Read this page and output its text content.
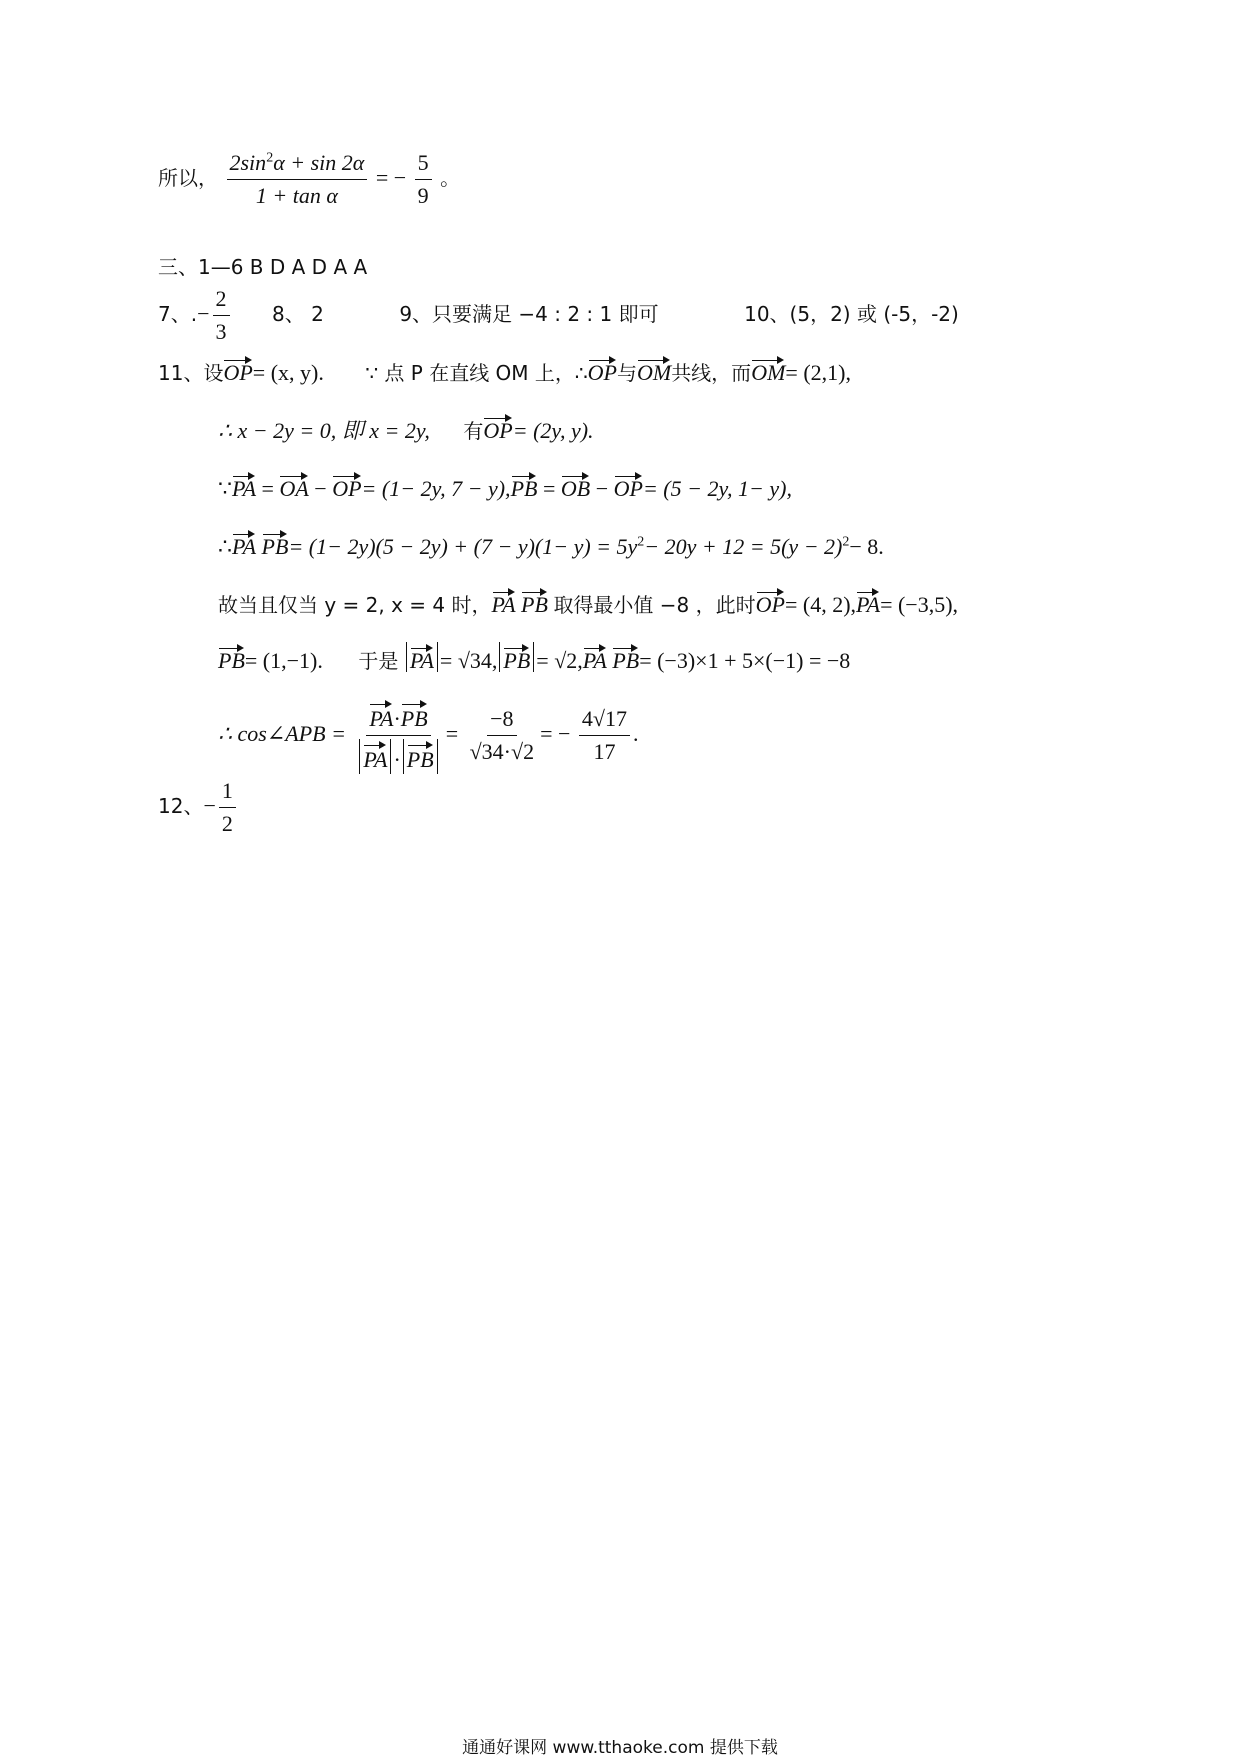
所以， $\frac{2\sin^2\alpha + \sin 2\alpha}{\text{1 + tan α}}$ = − $\frac{5}{9}$ 。
三、1—6 B D A D A A
7、.− $\frac{2}{3} 8$、 2	9、只要满足 −4 : 2 : 1 即可	10、(5，2) 或 (-5，-2)
11、设OP= (x, y). ∵ 点 P 在直线 OM 上，∴OP与OM共线，而OM= (2,1),
∴ x − 2y = 0, 即 x = 2y, 有OP= (2y, y).
∵PA = OA − OP= (1− 2y, 7 − y),PB = OB − OP= (5 − 2y, 1− y),
∴PA $PB= (1- 2y)(5 - 2y) + (7 - y)(1- y) = 5y^2- 20y + 12 = 5(y - 2)^2- 8$.
故当且仅当 y = 2, x = 4 时，PA PB 取得最小值 −8 ，此时OP= (4, 2),PA= (−3,5),
PB= (1,−1). 于是 PA = √34, PB = √2,PA PB= (−3)×1 + 5×(−1) = −8
∴ cos∠APB = $\frac{PA\cdot PB}{PA \cdot PB} = \frac{-8}{√34\cdot√2}$ = − $\frac{4√17}{17}$ .
12、− $\frac{1}{2}$
通通好课网 www.tthaoke.com 提供下载
